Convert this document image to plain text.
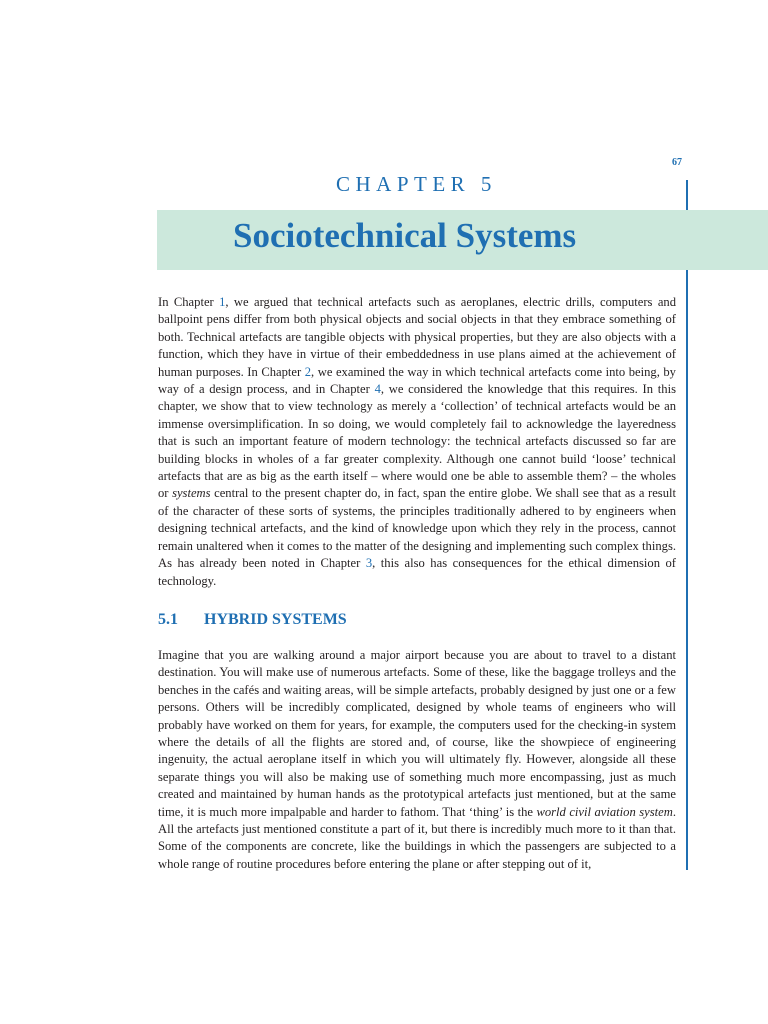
67
CHAPTER 5
Sociotechnical Systems

In Chapter 1, we argued that technical artefacts such as aeroplanes, electric drills, computers and ballpoint pens differ from both physical objects and social objects in that they embrace something of both. Technical artefacts are tangible objects with physical properties, but they are also objects with a function, which they have in virtue of their embeddedness in use plans aimed at the achievement of human purposes. In Chapter 2, we examined the way in which technical artefacts come into being, by way of a design process, and in Chapter 4, we considered the knowledge that this requires. In this chapter, we show that to view technology as merely a ‘collection’ of technical artefacts would be an immense oversimplification. In so doing, we would completely fail to acknowledge the layeredness that is such an important feature of modern technology: the technical artefacts discussed so far are building blocks in wholes of a far greater complexity. Although one cannot build ‘loose’ technical artefacts that are as big as the earth itself – where would one be able to assemble them? – the wholes or systems central to the present chapter do, in fact, span the entire globe. We shall see that as a result of the character of these sorts of systems, the principles traditionally adhered to by engineers when designing technical artefacts, and the kind of knowledge upon which they rely in the process, cannot remain unaltered when it comes to the matter of the designing and implementing such complex things. As has already been noted in Chapter 3, this also has consequences for the ethical dimension of technology.

5.1 HYBRID SYSTEMS

Imagine that you are walking around a major airport because you are about to travel to a distant destination. You will make use of numerous artefacts. Some of these, like the baggage trolleys and the benches in the cafés and waiting areas, will be simple artefacts, probably designed by just one or a few persons. Others will be incredibly complicated, designed by whole teams of engineers who will probably have worked on them for years, for example, the computers used for the checking-in system where the details of all the flights are stored and, of course, like the showpiece of engineering ingenuity, the actual aeroplane itself in which you will ultimately fly. However, alongside all these separate things you will also be making use of something much more encompassing, just as much created and maintained by human hands as the prototypical artefacts just mentioned, but at the same time, it is much more impalpable and harder to fathom. That ‘thing’ is the world civil aviation system. All the artefacts just mentioned constitute a part of it, but there is incredibly much more to it than that. Some of the components are concrete, like the buildings in which the passengers are subjected to a whole range of routine procedures before entering the plane or after stepping out of it,
